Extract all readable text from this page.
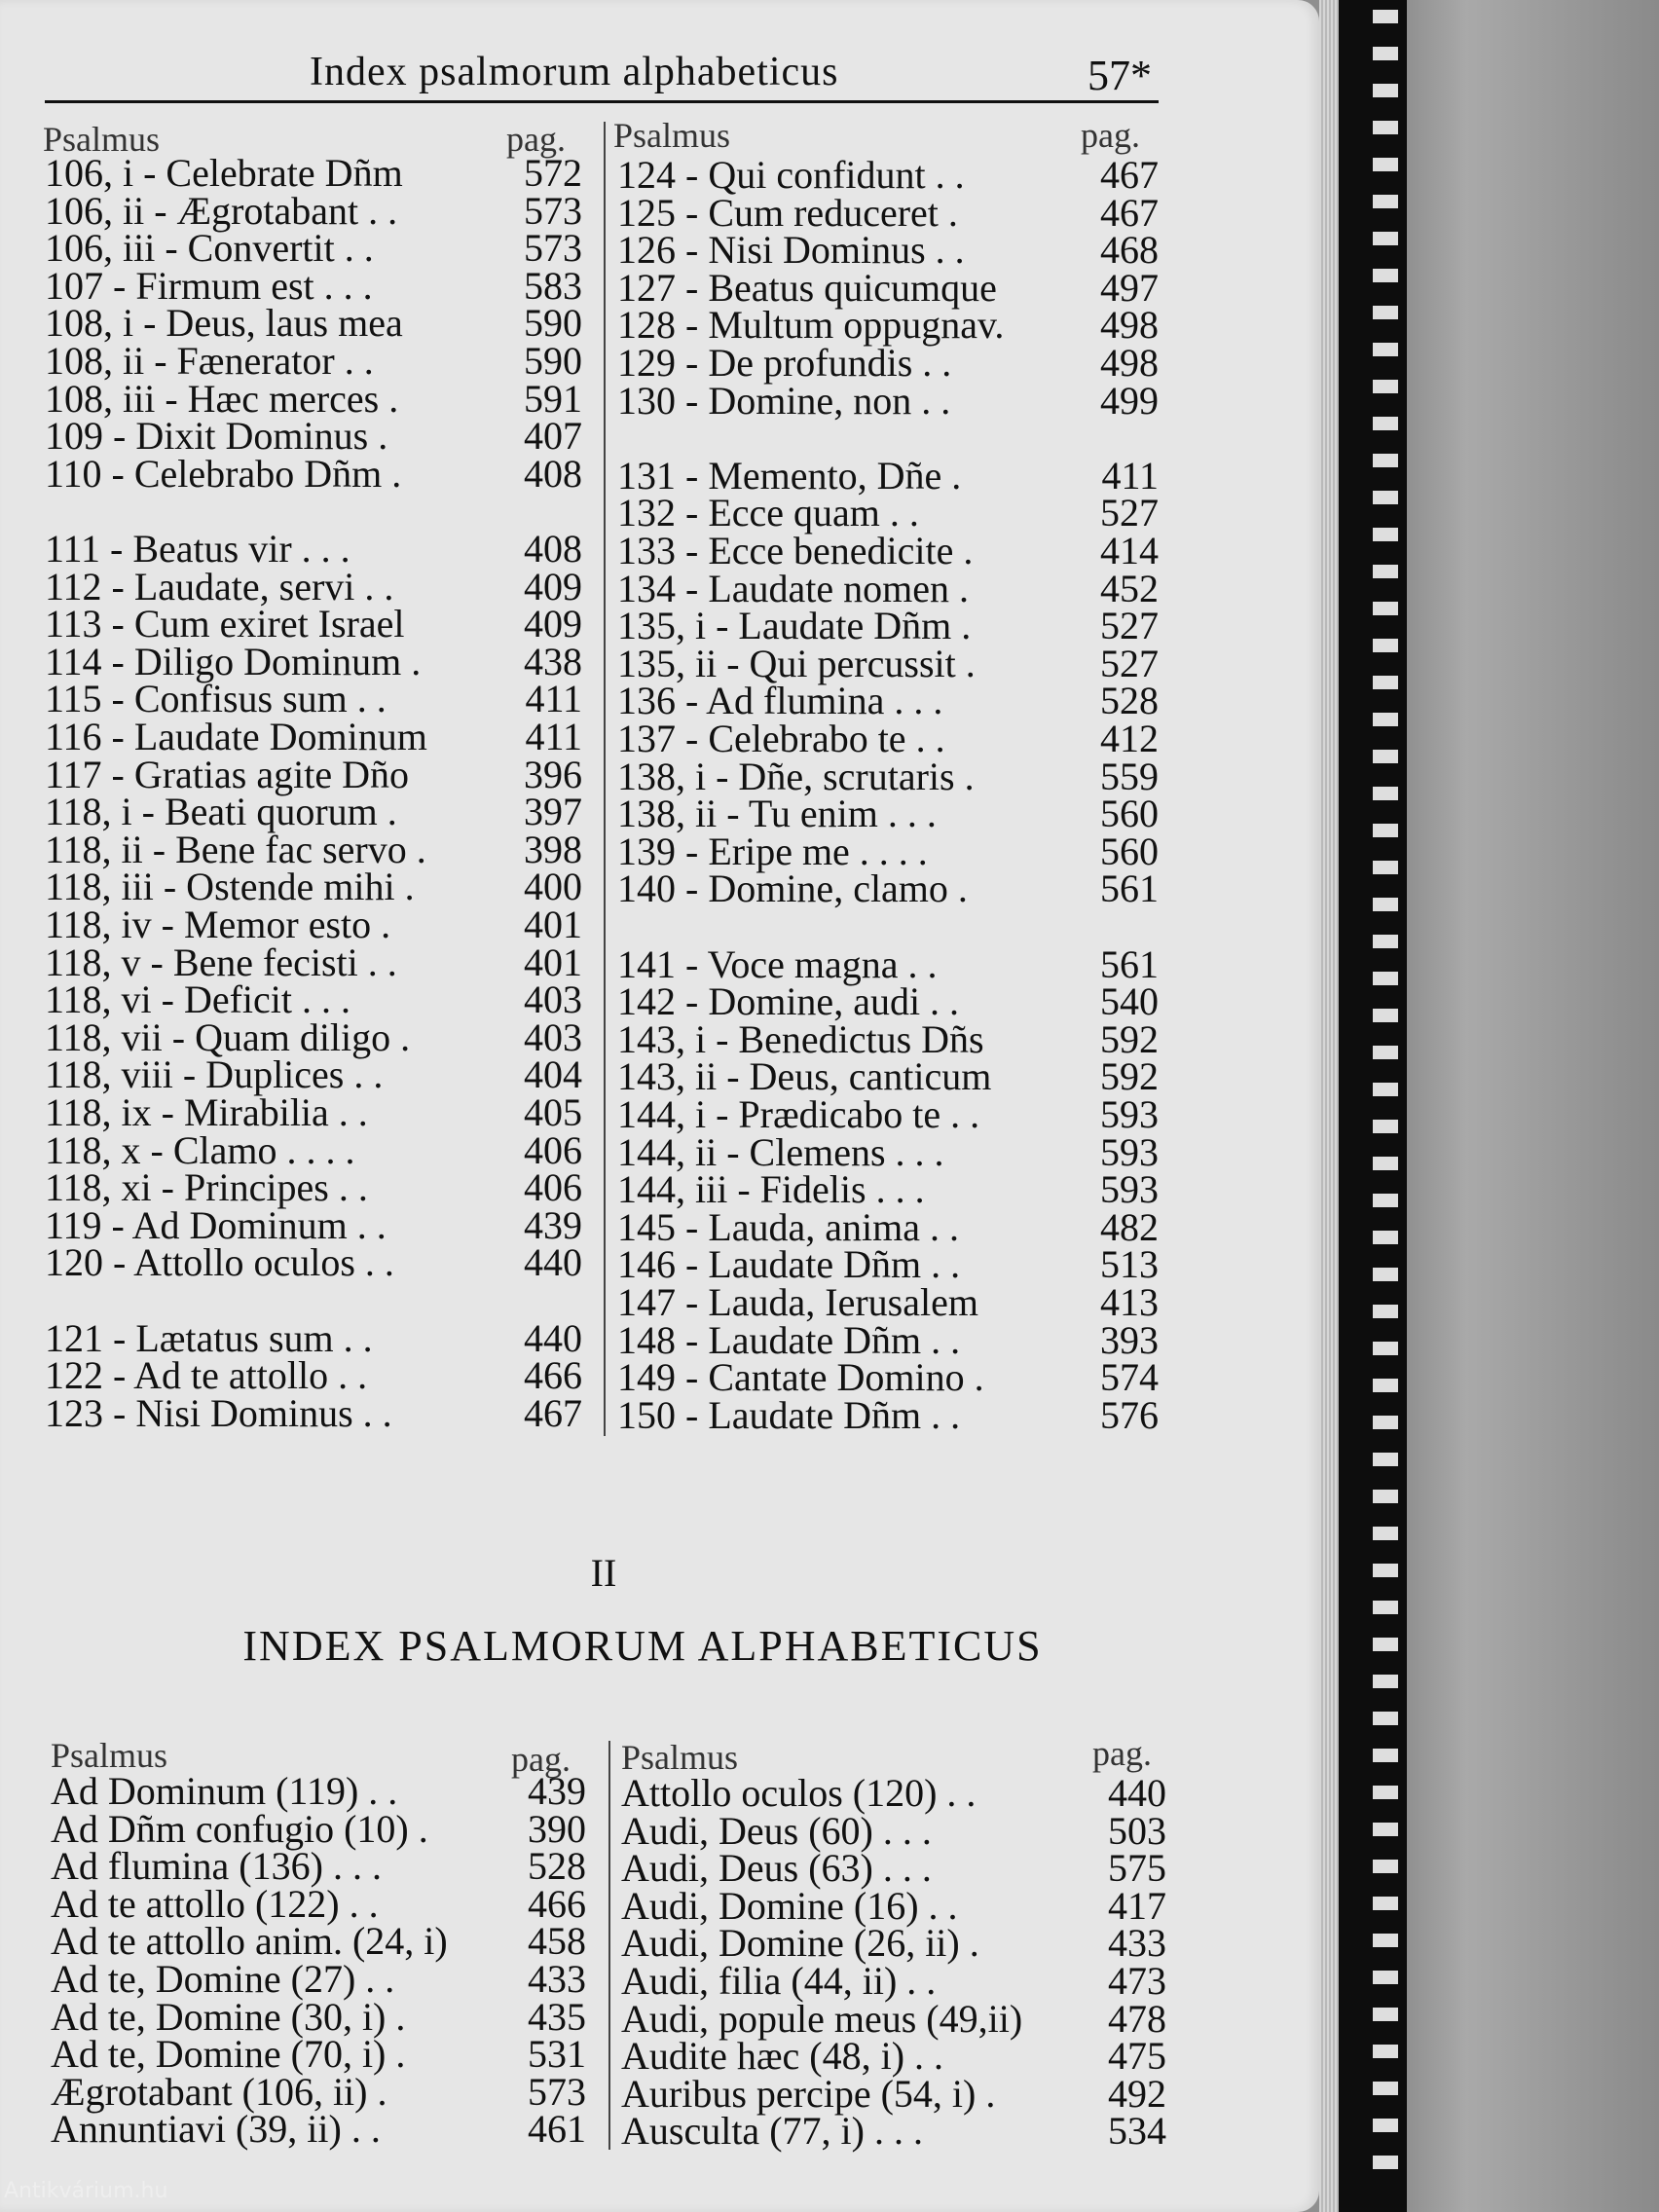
Index psalmorum alphabeticus	57*
Psalmus	pag. Psalmus	pag.
106, i - Celebrate Dñm	572
106, ii - Ægrotabant . .	573
106, iii - Convertit . .	573
107 - Firmum est . . .	583
108, i - Deus, laus mea	590
108, ii - Fænerator . .	590
108, iii - Hæc merces .	591
109 - Dixit Dominus .	407
110 - Celebrabo Dñm .	408
111 - Beatus vir . . .	408
112 - Laudate, servi . .	409
113 - Cum exiret Israel	409
114 - Diligo Dominum .	438
115 - Confisus sum . .	411
116 - Laudate Dominum	411
117 - Gratias agite Dño	396
118, i - Beati quorum .	397
118, ii - Bene fac servo .	398
118, iii - Ostende mihi .	400
118, iv - Memor esto .	401
118, v - Bene fecisti . .	401
118, vi - Deficit . . .	403
118, vii - Quam diligo .	403
118, viii - Duplices . .	404
118, ix - Mirabilia . .	405
118, x - Clamo . . . .	406
118, xi - Principes . .	406
119 - Ad Dominum . .	439
120 - Attollo oculos . .	440
121 - Lætatus sum . .	440
122 - Ad te attollo . .	466
123 - Nisi Dominus . .	467
124 - Qui confidunt . .	467
125 - Cum reduceret .	467
126 - Nisi Dominus . .	468
127 - Beatus quicumque	497
128 - Multum oppugnav. 498
129 - De profundis . .	498
130 - Domine, non . .	499
131 - Memento, Dñe .	411
132 - Ecce quam . .	527
133 - Ecce benedicite .	414
134 - Laudate nomen .	452
135, i - Laudate Dñm .	527
135, ii - Qui percussit .	527
136 - Ad flumina . . .	528
137 - Celebrabo te . .	412
138, i - Dñe, scrutaris .	559
138, ii - Tu enim . . .	560
139 - Eripe me . . . .	560
140 - Domine, clamo .	561
141 - Voce magna . .	561
142 - Domine, audi . .	540
143, i - Benedictus Dñs	592
143, ii - Deus, canticum	592
144, i - Prædicabo te . .	593
144, ii - Clemens . . .	593
144, iii - Fidelis . . .	593
145 - Lauda, anima . .	482
146 - Laudate Dñm . .	513
147 - Lauda, Ierusalem	413
148 - Laudate Dñm . .	393
149 - Cantate Domino .	574
150 - Laudate Dñm . .	576
II
INDEX PSALMORUM ALPHABETICUS
Psalmus	pag. Psalmus	pag.
Ad Dominum (119) . .	439
Ad Dñm confugio (10) .	390
Ad flumina (136) . . .	528
Ad te attollo (122) . .	466
Ad te attollo anim. (24, i) 458
Ad te, Domine (27) . .	433
Ad te, Domine (30, i) .	435
Ad te, Domine (70, i) .	531
Ægrotabant (106, ii) .	573
Annuntiavi (39, ii) . .	461
Attollo oculos (120) . .	440
Audi, Deus (60) . . .	503
Audi, Deus (63) . . .	575
Audi, Domine (16) . .	417
Audi, Domine (26, ii) .	433
Audi, filia (44, ii) . .	473
Audi, popule meus (49,ii) 478
Audite hæc (48, i) . .	475
Auribus percipe (54, i) .	492
Ausculta (77, i) . . .	534
Antikvárium.hu
